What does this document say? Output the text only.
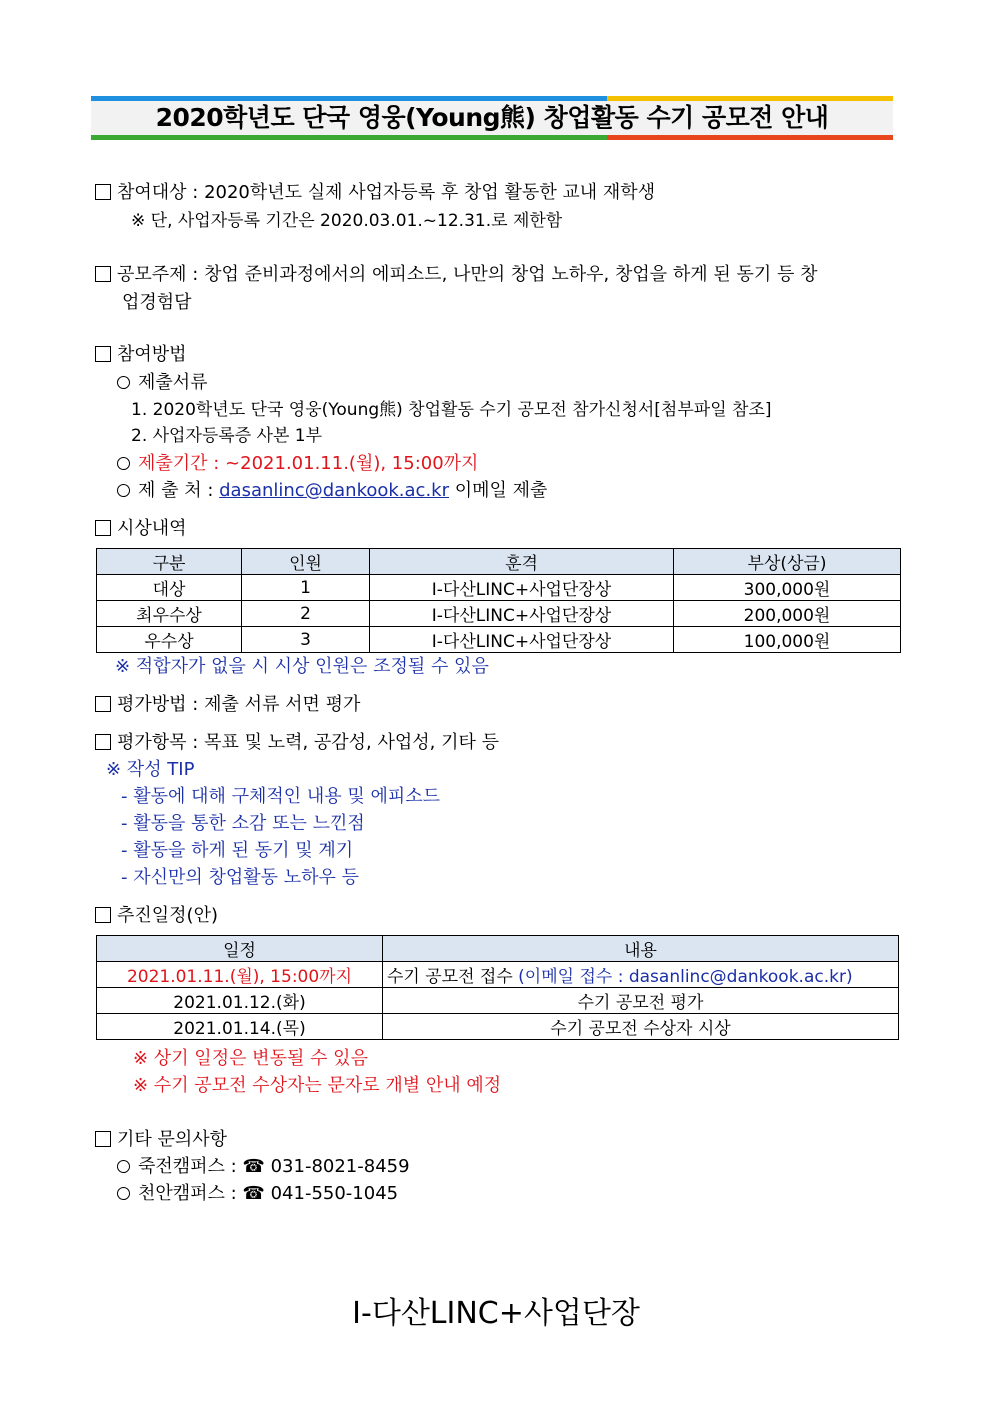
2020학년도 단국 영웅(Young熊) 창업활동 수기 공모전 안내
참여대상 : 2020학년도 실제 사업자등록 후 창업 활동한 교내 재학생
※ 단, 사업자등록 기간은 2020.03.01.~12.31.로 제한함
공모주제 : 창업 준비과정에서의 에피소드, 나만의 창업 노하우, 창업을 하게 된 동기 등 창
업경험담
참여방법
제출서류
1. 2020학년도 단국 영웅(Young熊) 창업활동 수기 공모전 참가신청서[첨부파일 참조]
2. 사업자등록증 사본 1부
제출기간 : ~2021.01.11.(월), 15:00까지
제 출 처 : dasanlinc@dankook.ac.kr 이메일 제출
시상내역
구분	인원	훈격	부상(상금)
대상	1	I-다산LINC+사업단장상	300,000원
최우수상	2	I-다산LINC+사업단장상	200,000원
우수상	3	I-다산LINC+사업단장상	100,000원
※ 적합자가 없을 시 시상 인원은 조정될 수 있음
평가방법 : 제출 서류 서면 평가
평가항목 : 목표 및 노력, 공감성, 사업성, 기타 등
※ 작성 TIP
- 활동에 대해 구체적인 내용 및 에피소드
- 활동을 통한 소감 또는 느낀점
- 활동을 하게 된 동기 및 계기
- 자신만의 창업활동 노하우 등
추진일정(안)
일정	내용
2021.01.11.(월), 15:00까지	수기 공모전 접수 (이메일 접수 : dasanlinc@dankook.ac.kr)
2021.01.12.(화)	수기 공모전 평가
2021.01.14.(목)	수기 공모전 수상자 시상
※ 상기 일정은 변동될 수 있음
※ 수기 공모전 수상자는 문자로 개별 안내 예정
기타 문의사항
죽전캠퍼스 : ☎ 031-8021-8459
천안캠퍼스 : ☎ 041-550-1045
I-다산LINC+사업단장
